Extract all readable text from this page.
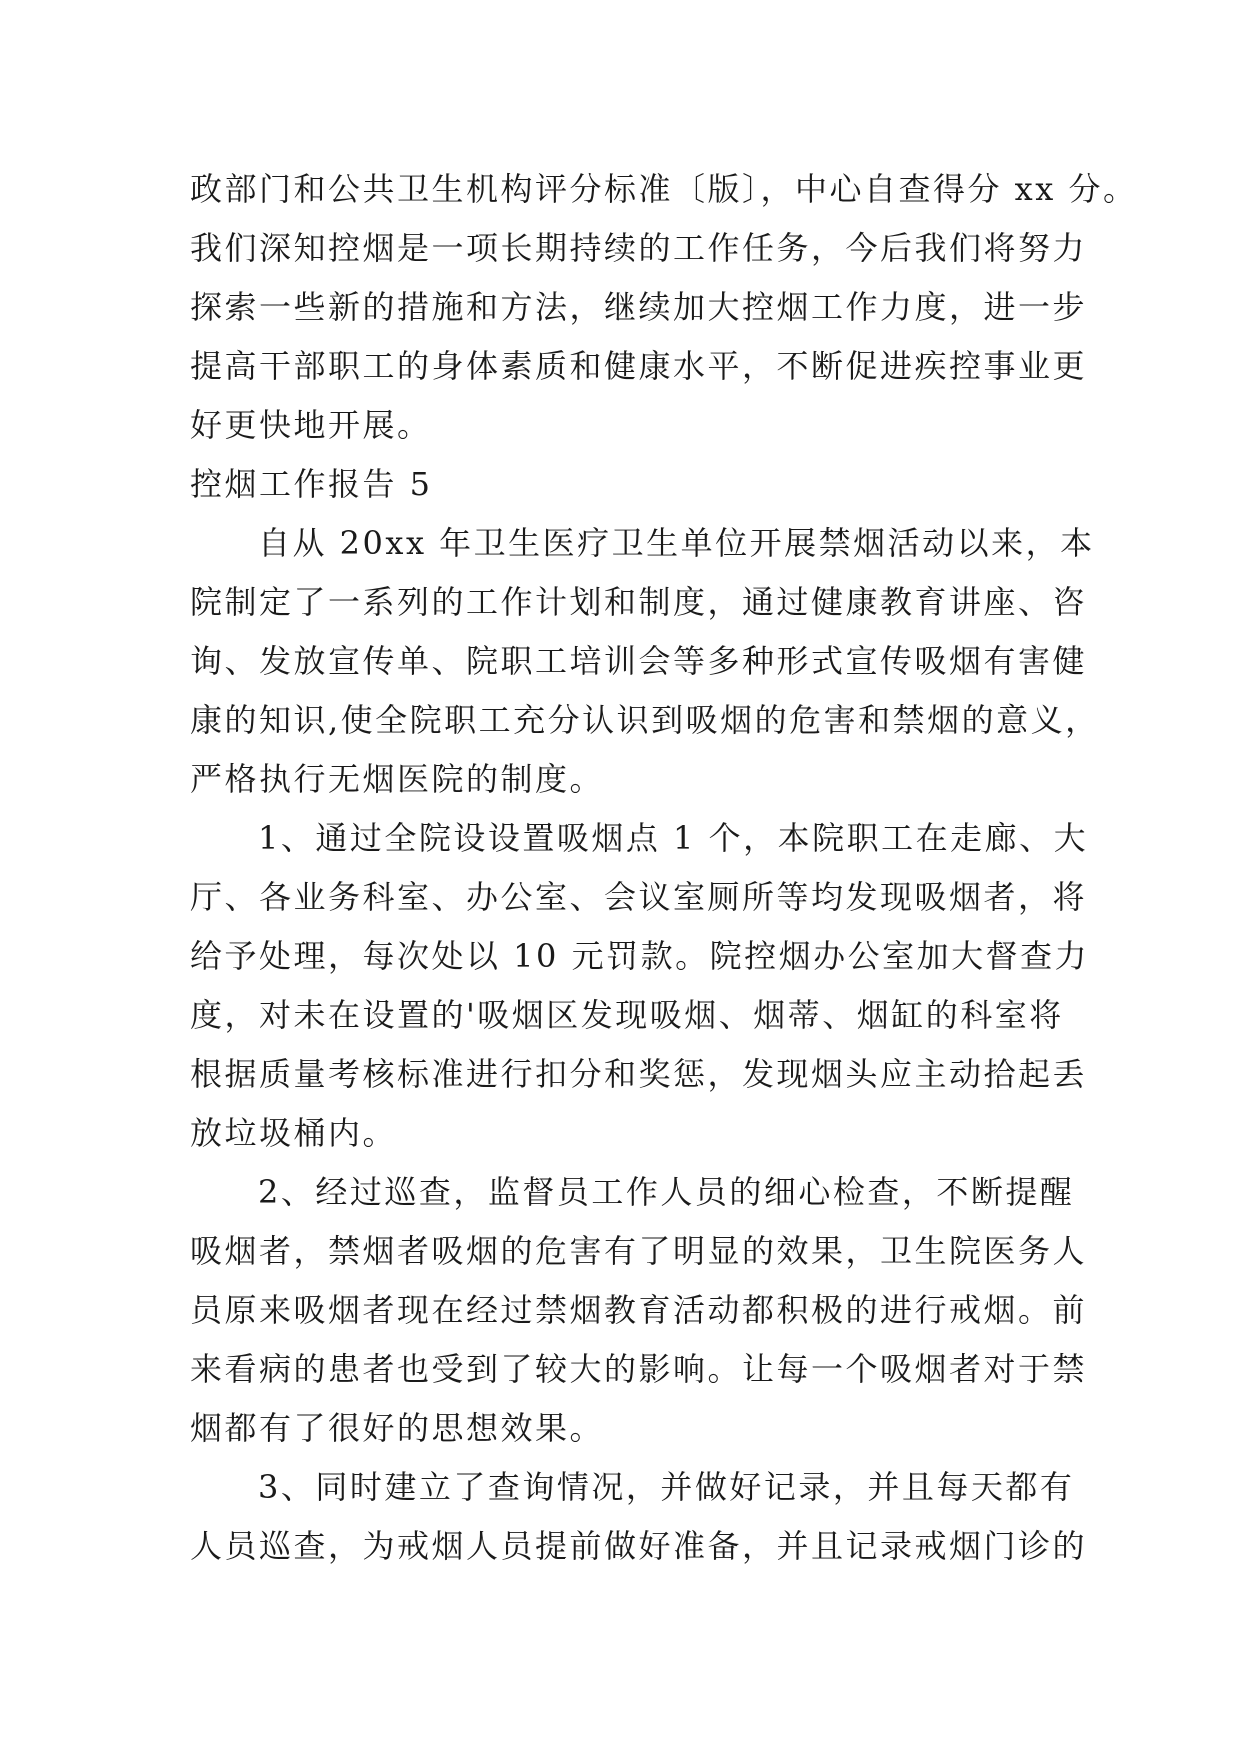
政部门和公共卫生机构评分标准〔版〕，中心自查得分 xx 分。
我们深知控烟是一项长期持续的工作任务，今后我们将努力
探索一些新的措施和方法，继续加大控烟工作力度，进一步
提高干部职工的身体素质和健康水平，不断促进疾控事业更
好更快地开展。
控烟工作报告 5
自从 20xx 年卫生医疗卫生单位开展禁烟活动以来，本
院制定了一系列的工作计划和制度，通过健康教育讲座、咨
询、发放宣传单、院职工培训会等多种形式宣传吸烟有害健
康的知识,使全院职工充分认识到吸烟的危害和禁烟的意义，
严格执行无烟医院的制度。
1、通过全院设设置吸烟点 1 个，本院职工在走廊、大
厅、各业务科室、办公室、会议室厕所等均发现吸烟者，将
给予处理，每次处以 10 元罚款。院控烟办公室加大督查力
度，对未在设置的'吸烟区发现吸烟、烟蒂、烟缸的科室将
根据质量考核标准进行扣分和奖惩，发现烟头应主动拾起丢
放垃圾桶内。
2、经过巡查，监督员工作人员的细心检查，不断提醒
吸烟者，禁烟者吸烟的危害有了明显的效果，卫生院医务人
员原来吸烟者现在经过禁烟教育活动都积极的进行戒烟。前
来看病的患者也受到了较大的影响。让每一个吸烟者对于禁
烟都有了很好的思想效果。
3、同时建立了查询情况，并做好记录，并且每天都有
人员巡查，为戒烟人员提前做好准备，并且记录戒烟门诊的
